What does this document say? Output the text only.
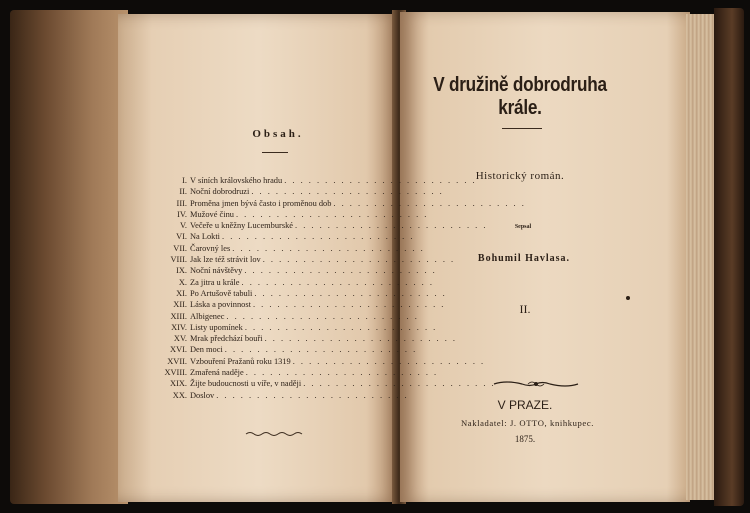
Obsah.
I. V síních královského hradu . . . . . . . . . . . . . . . . . . . . . . . .
II. Noční dobrodruzi . . . . . . . . . . . . . . . . . . . . . . . .
III. Proměna jmen bývá často i proměnou dob . . . . . . . . . . . . . . . . . . . . . . . .
IV. Mužové činu . . . . . . . . . . . . . . . . . . . . . . . .
V. Večeře u kněžny Lucemburské . . . . . . . . . . . . . . . . . . . . . . . .
VI. Na Lokti . . . . . . . . . . . . . . . . . . . . . . . .
VII. Čarovný les . . . . . . . . . . . . . . . . . . . . . . . .
VIII. Jak lze též strávit lov . . . . . . . . . . . . . . . . . . . . . . . .
IX. Noční návštěvy . . . . . . . . . . . . . . . . . . . . . . . .
X. Za jitra u krále . . . . . . . . . . . . . . . . . . . . . . . .
XI. Po Artušově tabuli . . . . . . . . . . . . . . . . . . . . . . . .
XII. Láska a povinnost . . . . . . . . . . . . . . . . . . . . . . . .
XIII. Albigenec . . . . . . . . . . . . . . . . . . . . . . . .
XIV. Listy upomínek . . . . . . . . . . . . . . . . . . . . . . . .
XV. Mrak předchází bouři . . . . . . . . . . . . . . . . . . . . . . . .
XVI. Den moci . . . . . . . . . . . . . . . . . . . . . . . .
XVII. Vzbouření Pražanů roku 1319 . . . . . . . . . . . . . . . . . . . . . . . .
XVIII. Zmařená naděje . . . . . . . . . . . . . . . . . . . . . . . .
XIX. Žijte budoucnosti u víře, v naději . . . . . . . . . . . . . . . . . . . . . . . .
XX. Doslov . . . . . . . . . . . . . . . . . . . . . . . .
V družině dobrodruha krále.
Historický román.
Sepsal
Bohumil Havlasa.
II.
V PRAZE.
Nakladatel: J. OTTO, knihkupec.
1875.
